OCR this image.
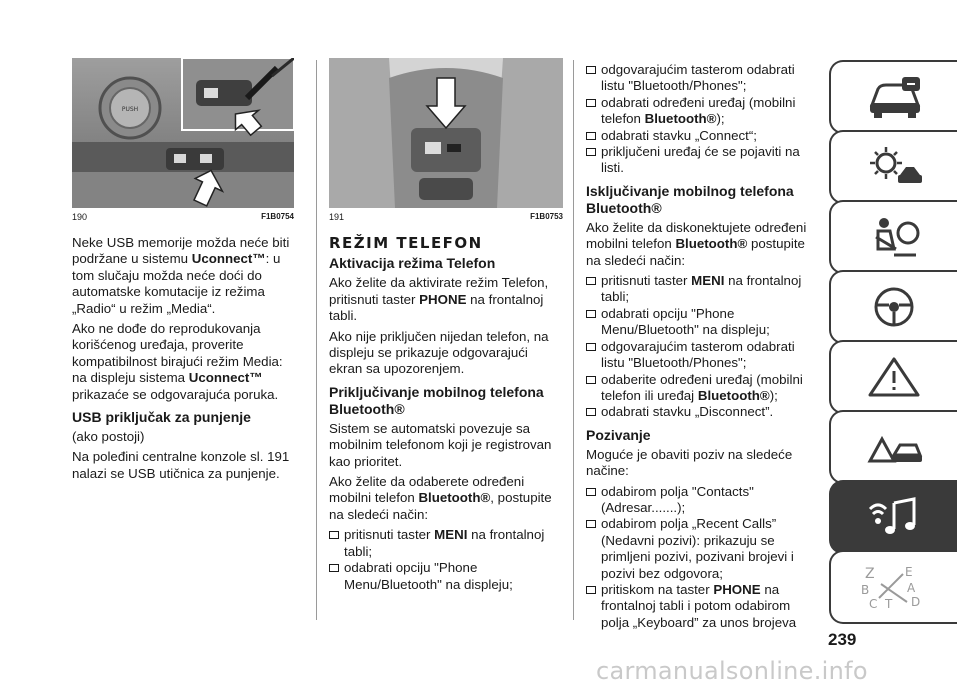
PUSH
190	F1B0754

Neke USB memorije možda neće biti podržane u sistemu Uconnect™: u tom slučaju možda neće doći do automatske komutacije iz režima „Radio“ u režim „Media“.

Ako ne dođe do reprodukovanja korišćenog uređaja, proverite kompatibilnost birajući režim Media: na displeju sistema Uconnect™ prikazaće se odgovarajuća poruka.

USB priključak za punjenje

(ako postoji)

Na poleđini centralne konzole sl. 191 nalazi se USB utičnica za punjenje.

191	F1B0753
REŽIM TELEFON
Aktivacija režima Telefon

Ako želite da aktivirate režim Telefon, pritisnuti taster PHONE na frontalnoj tabli.

Ako nije priključen nijedan telefon, na displeju se prikazuje odgovarajući ekran sa upozorenjem.

Priključivanje mobilnog telefona Bluetooth®

Sistem se automatski povezuje sa mobilnim telefonom koji je registrovan kao prioritet.

Ako želite da odaberete određeni mobilni telefon Bluetooth®, postupite na sledeći način:

pritisnuti taster MENI na frontalnoj tabli;
odabrati opciju "Phone Menu/Bluetooth" na displeju;
odgovarajućim tasterom odabrati listu "Bluetooth/Phones";
odabrati određeni uređaj (mobilni telefon Bluetooth®);
odabrati stavku „Connect“;
priključeni uređaj će se pojaviti na listi.
Isključivanje mobilnog telefona Bluetooth®

Ako želite da diskonektujete određeni mobilni telefon Bluetooth® postupite na sledeći način:

pritisnuti taster MENI na frontalnoj tabli;
odabrati opciju "Phone Menu/Bluetooth" na displeju;
odgovarajućim tasterom odabrati listu "Bluetooth/Phones";
odaberite određeni uređaj (mobilni telefon ili uređaj Bluetooth®);
odabrati stavku „Disconnect”.
Pozivanje

Moguće je obaviti poziv na sledeće načine:

odabirom polja "Contacts" (Adresar.......);
odabirom polja „Recent Calls” (Nedavni pozivi): prikazuju se primljeni pozivi, pozivani brojevi i pozivi bez odgovora;
pritiskom na taster PHONE na frontalnoj tabli i potom odabirom polja „Keyboard” za unos brojeva
Z	E
B	A
C T D
239
carmanualsonline.info
